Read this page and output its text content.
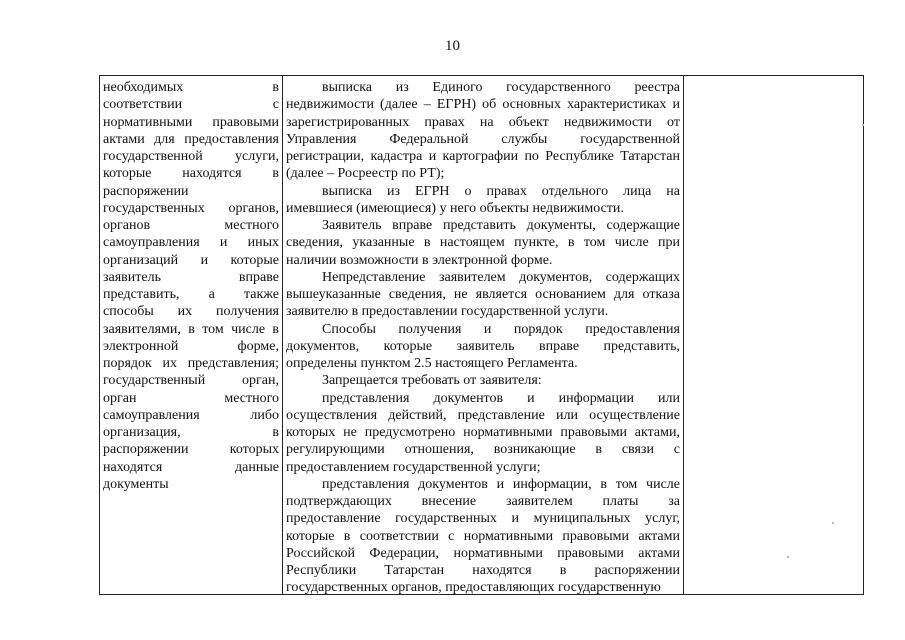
10
необходимых в
соответствии с
нормативными правовыми
актами для предоставления
государственной услуги,
которые находятся в
распоряжении
государственных органов,
органов местного
самоуправления и иных
организаций и которые
заявитель вправе
представить, а также
способы их получения
заявителями, в том числе в
электронной форме,
порядок их представления;
государственный орган,
орган местного
самоуправления либо
организация, в
распоряжении которых
находятся данные
документы
выписка из Единого государственного реестра
недвижимости (далее – ЕГРН) об основных характеристиках и
зарегистрированных правах на объект недвижимости от
Управления Федеральной службы государственной
регистрации, кадастра и картографии по Республике Татарстан
(далее – Росреестр по РТ);
выписка из ЕГРН о правах отдельного лица на
имевшиеся (имеющиеся) у него объекты недвижимости.
Заявитель вправе представить документы, содержащие
сведения, указанные в настоящем пункте, в том числе при
наличии возможности в электронной форме.
Непредставление заявителем документов, содержащих
вышеуказанные сведения, не является основанием для отказа
заявителю в предоставлении государственной услуги.
Способы получения и порядок предоставления
документов, которые заявитель вправе представить,
определены пунктом 2.5 настоящего Регламента.
Запрещается требовать от заявителя:
представления документов и информации или
осуществления действий, представление или осуществление
которых не предусмотрено нормативными правовыми актами,
регулирующими отношения, возникающие в связи с
предоставлением государственной услуги;
представления документов и информации, в том числе
подтверждающих внесение заявителем платы за
предоставление государственных и муниципальных услуг,
которые в соответствии с нормативными правовыми актами
Российской Федерации, нормативными правовыми актами
Республики Татарстан находятся в распоряжении
государственных органов, предоставляющих государственную
